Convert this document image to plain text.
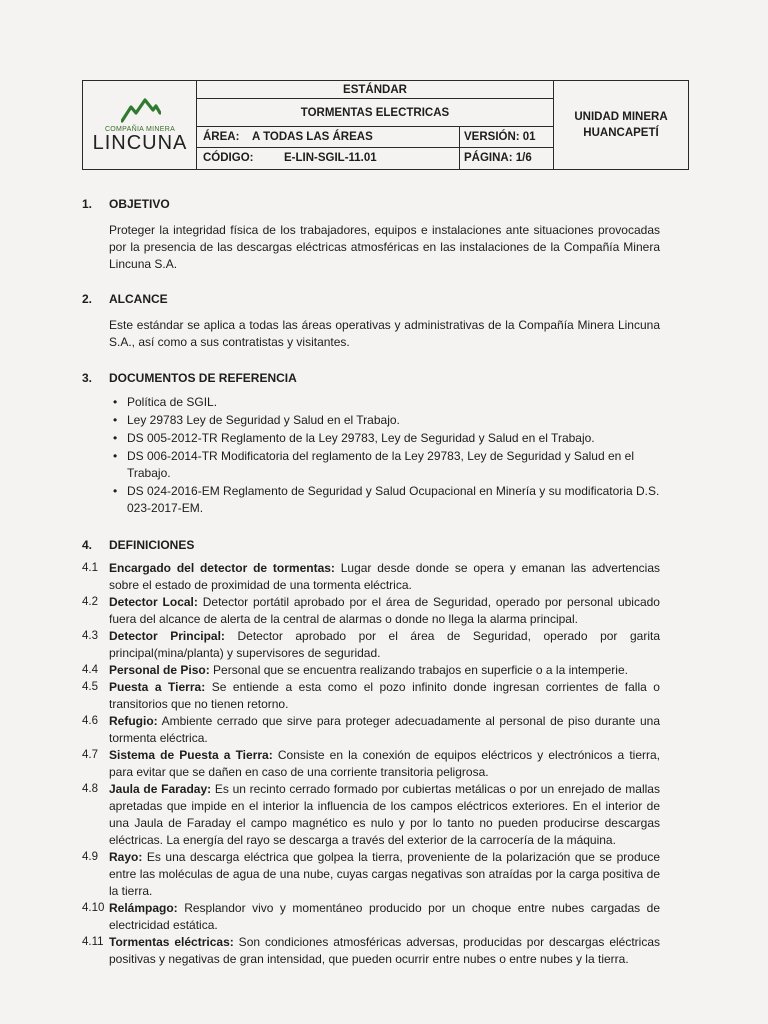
COMPAÑIA MINERA
LINCUNA
ESTÁNDAR
TORMENTAS ELECTRICAS
ÁREA: A TODAS LAS ÁREAS	VERSIÓN: 01
CÓDIGO:	E-LIN-SGIL-11.01	PÁGINA: 1/6
UNIDAD MINERA
HUANCAPETÍ
1. OBJETIVO
Proteger la integridad física de los trabajadores, equipos e instalaciones ante situaciones provocadas por la presencia de las descargas eléctricas atmosféricas en las instalaciones de la Compañía Minera Lincuna S.A.
2. ALCANCE
Este estándar se aplica a todas las áreas operativas y administrativas de la Compañía Minera Lincuna S.A., así como a sus contratistas y visitantes.
3. DOCUMENTOS DE REFERENCIA
• Política de SGIL.
• Ley 29783 Ley de Seguridad y Salud en el Trabajo.
• DS 005-2012-TR Reglamento de la Ley 29783, Ley de Seguridad y Salud en el Trabajo.
• DS 006-2014-TR Modificatoria del reglamento de la Ley 29783, Ley de Seguridad y Salud en el Trabajo.
• DS 024-2016-EM Reglamento de Seguridad y Salud Ocupacional en Minería y su modificatoria D.S. 023-2017-EM.
4. DEFINICIONES
4.1 Encargado del detector de tormentas: Lugar desde donde se opera y emanan las advertencias sobre el estado de proximidad de una tormenta eléctrica.
4.2 Detector Local: Detector portátil aprobado por el área de Seguridad, operado por personal ubicado fuera del alcance de alerta de la central de alarmas o donde no llega la alarma principal.
4.3 Detector Principal: Detector aprobado por el área de Seguridad, operado por garita principal(mina/planta) y supervisores de seguridad.
4.4 Personal de Piso: Personal que se encuentra realizando trabajos en superficie o a la intemperie.
4.5 Puesta a Tierra: Se entiende a esta como el pozo infinito donde ingresan corrientes de falla o transitorios que no tienen retorno.
4.6 Refugio: Ambiente cerrado que sirve para proteger adecuadamente al personal de piso durante una tormenta eléctrica.
4.7 Sistema de Puesta a Tierra: Consiste en la conexión de equipos eléctricos y electrónicos a tierra, para evitar que se dañen en caso de una corriente transitoria peligrosa.
4.8 Jaula de Faraday: Es un recinto cerrado formado por cubiertas metálicas o por un enrejado de mallas apretadas que impide en el interior la influencia de los campos eléctricos exteriores. En el interior de una Jaula de Faraday el campo magnético es nulo y por lo tanto no pueden producirse descargas eléctricas. La energía del rayo se descarga a través del exterior de la carrocería de la máquina.
4.9 Rayo: Es una descarga eléctrica que golpea la tierra, proveniente de la polarización que se produce entre las moléculas de agua de una nube, cuyas cargas negativas son atraídas por la carga positiva de la tierra.
4.10 Relámpago: Resplandor vivo y momentáneo producido por un choque entre nubes cargadas de electricidad estática.
4.11 Tormentas eléctricas: Son condiciones atmosféricas adversas, producidas por descargas eléctricas positivas y negativas de gran intensidad, que pueden ocurrir entre nubes o entre nubes y la tierra.
